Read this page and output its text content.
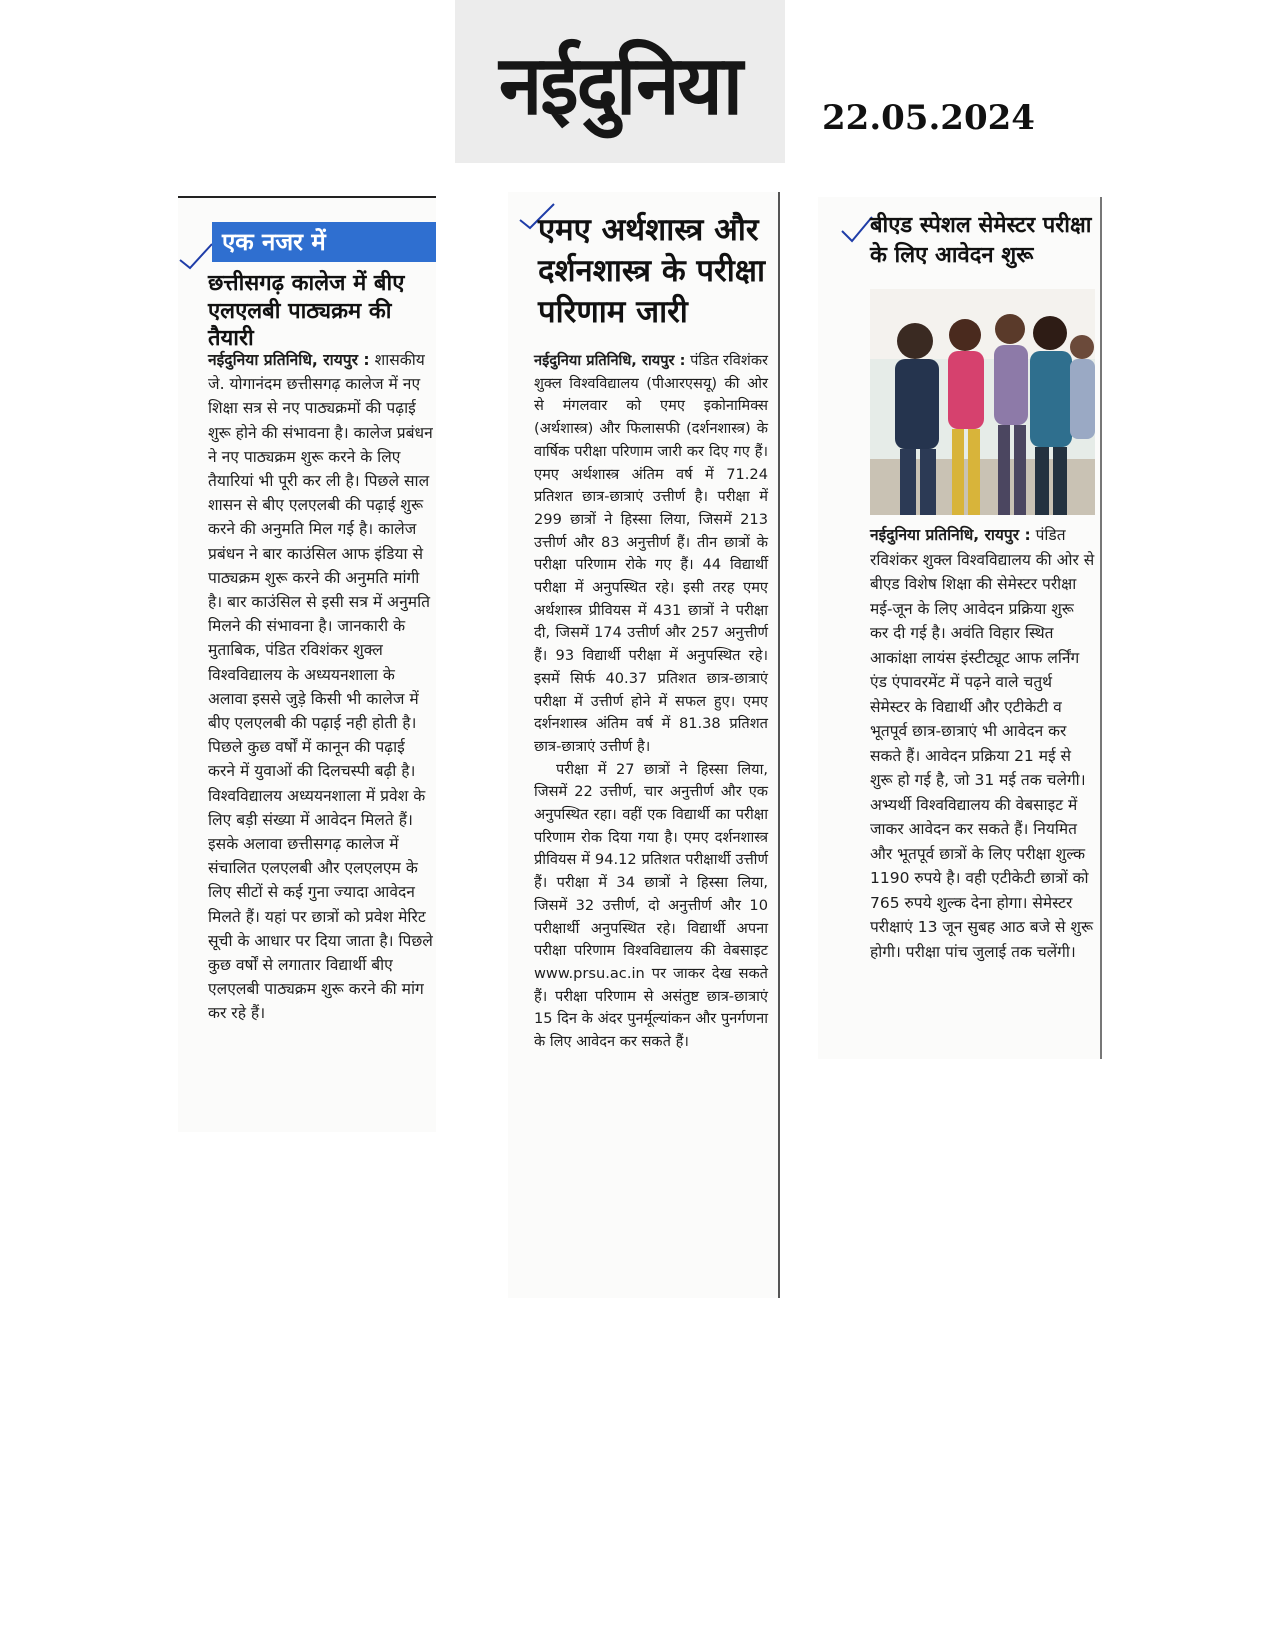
नईदुनिया 22.05.2024
एक नजर में
छत्तीसगढ़ कालेज में बीए एलएलबी पाठ्यक्रम की तैयारी

नईदुनिया प्रतिनिधि, रायपुर : शासकीय जे. योगानंदम छत्तीसगढ़ कालेज में नए शिक्षा सत्र से नए पाठ्यक्रमों की पढ़ाई शुरू होने की संभावना है। कालेज प्रबंधन ने नए पाठ्यक्रम शुरू करने के लिए तैयारियां भी पूरी कर ली है। पिछले साल शासन से बीए एलएलबी की पढ़ाई शुरू करने की अनुमति मिल गई है। कालेज प्रबंधन ने बार काउंसिल आफ इंडिया से पाठ्यक्रम शुरू करने की अनुमति मांगी है। बार काउंसिल से इसी सत्र में अनुमति मिलने की संभावना है। जानकारी के मुताबिक, पंडित रविशंकर शुक्ल विश्वविद्यालय के अध्ययनशाला के अलावा इससे जुड़े किसी भी कालेज में बीए एलएलबी की पढ़ाई नही होती है। पिछले कुछ वर्षों में कानून की पढ़ाई करने में युवाओं की दिलचस्पी बढ़ी है। विश्वविद्यालय अध्ययनशाला में प्रवेश के लिए बड़ी संख्या में आवेदन मिलते हैं। इसके अलावा छत्तीसगढ़ कालेज में संचालित एलएलबी और एलएलएम के लिए सीटों से कई गुना ज्यादा आवेदन मिलते हैं। यहां पर छात्रों को प्रवेश मेरिट सूची के आधार पर दिया जाता है। पिछले कुछ वर्षों से लगातार विद्यार्थी बीए एलएलबी पाठ्यक्रम शुरू करने की मांग कर रहे हैं।

एमए अर्थशास्त्र और दर्शनशास्त्र के परीक्षा परिणाम जारी

नईदुनिया प्रतिनिधि, रायपुर : पंडित रविशंकर शुक्ल विश्वविद्यालय (पीआरएसयू) की ओर से मंगलवार को एमए इकोनामिक्स (अर्थशास्त्र) और फिलासफी (दर्शनशास्त्र) के वार्षिक परीक्षा परिणाम जारी कर दिए गए हैं। एमए अर्थशास्त्र अंतिम वर्ष में 71.24 प्रतिशत छात्र-छात्राएं उत्तीर्ण है। परीक्षा में 299 छात्रों ने हिस्सा लिया, जिसमें 213 उत्तीर्ण और 83 अनुत्तीर्ण हैं। तीन छात्रों के परीक्षा परिणाम रोके गए हैं। 44 विद्यार्थी परीक्षा में अनुपस्थित रहे। इसी तरह एमए अर्थशास्त्र प्रीवियस में 431 छात्रों ने परीक्षा दी, जिसमें 174 उत्तीर्ण और 257 अनुत्तीर्ण हैं। 93 विद्यार्थी परीक्षा में अनुपस्थित रहे। इसमें सिर्फ 40.37 प्रतिशत छात्र-छात्राएं परीक्षा में उत्तीर्ण होने में सफल हुए। एमए दर्शनशास्त्र अंतिम वर्ष में 81.38 प्रतिशत छात्र-छात्राएं उत्तीर्ण है।

परीक्षा में 27 छात्रों ने हिस्सा लिया, जिसमें 22 उत्तीर्ण, चार अनुत्तीर्ण और एक अनुपस्थित रहा। वहीं एक विद्यार्थी का परीक्षा परिणाम रोक दिया गया है। एमए दर्शनशास्त्र प्रीवियस में 94.12 प्रतिशत परीक्षार्थी उत्तीर्ण हैं। परीक्षा में 34 छात्रों ने हिस्सा लिया, जिसमें 32 उत्तीर्ण, दो अनुत्तीर्ण और 10 परीक्षार्थी अनुपस्थित रहे। विद्यार्थी अपना परीक्षा परिणाम विश्वविद्यालय की वेबसाइट www.prsu.ac.in पर जाकर देख सकते हैं। परीक्षा परिणाम से असंतुष्ट छात्र-छात्राएं 15 दिन के अंदर पुनर्मूल्यांकन और पुनर्गणना के लिए आवेदन कर सकते हैं।

बीएड स्पेशल सेमेस्टर परीक्षा के लिए आवेदन शुरू

नईदुनिया प्रतिनिधि, रायपुर : पंडित रविशंकर शुक्ल विश्वविद्यालय की ओर से बीएड विशेष शिक्षा की सेमेस्टर परीक्षा मई-जून के लिए आवेदन प्रक्रिया शुरू कर दी गई है। अवंति विहार स्थित आकांक्षा लायंस इंस्टीट्यूट आफ लर्निंग एंड एंपावरमेंट में पढ़ने वाले चतुर्थ सेमेस्टर के विद्यार्थी और एटीकेटी व भूतपूर्व छात्र-छात्राएं भी आवेदन कर सकते हैं। आवेदन प्रक्रिया 21 मई से शुरू हो गई है, जो 31 मई तक चलेगी। अभ्यर्थी विश्वविद्यालय की वेबसाइट में जाकर आवेदन कर सकते हैं। नियमित और भूतपूर्व छात्रों के लिए परीक्षा शुल्क 1190 रुपये है। वही एटीकेटी छात्रों को 765 रुपये शुल्क देना होगा। सेमेस्टर परीक्षाएं 13 जून सुबह आठ बजे से शुरू होगी। परीक्षा पांच जुलाई तक चलेंगी।
